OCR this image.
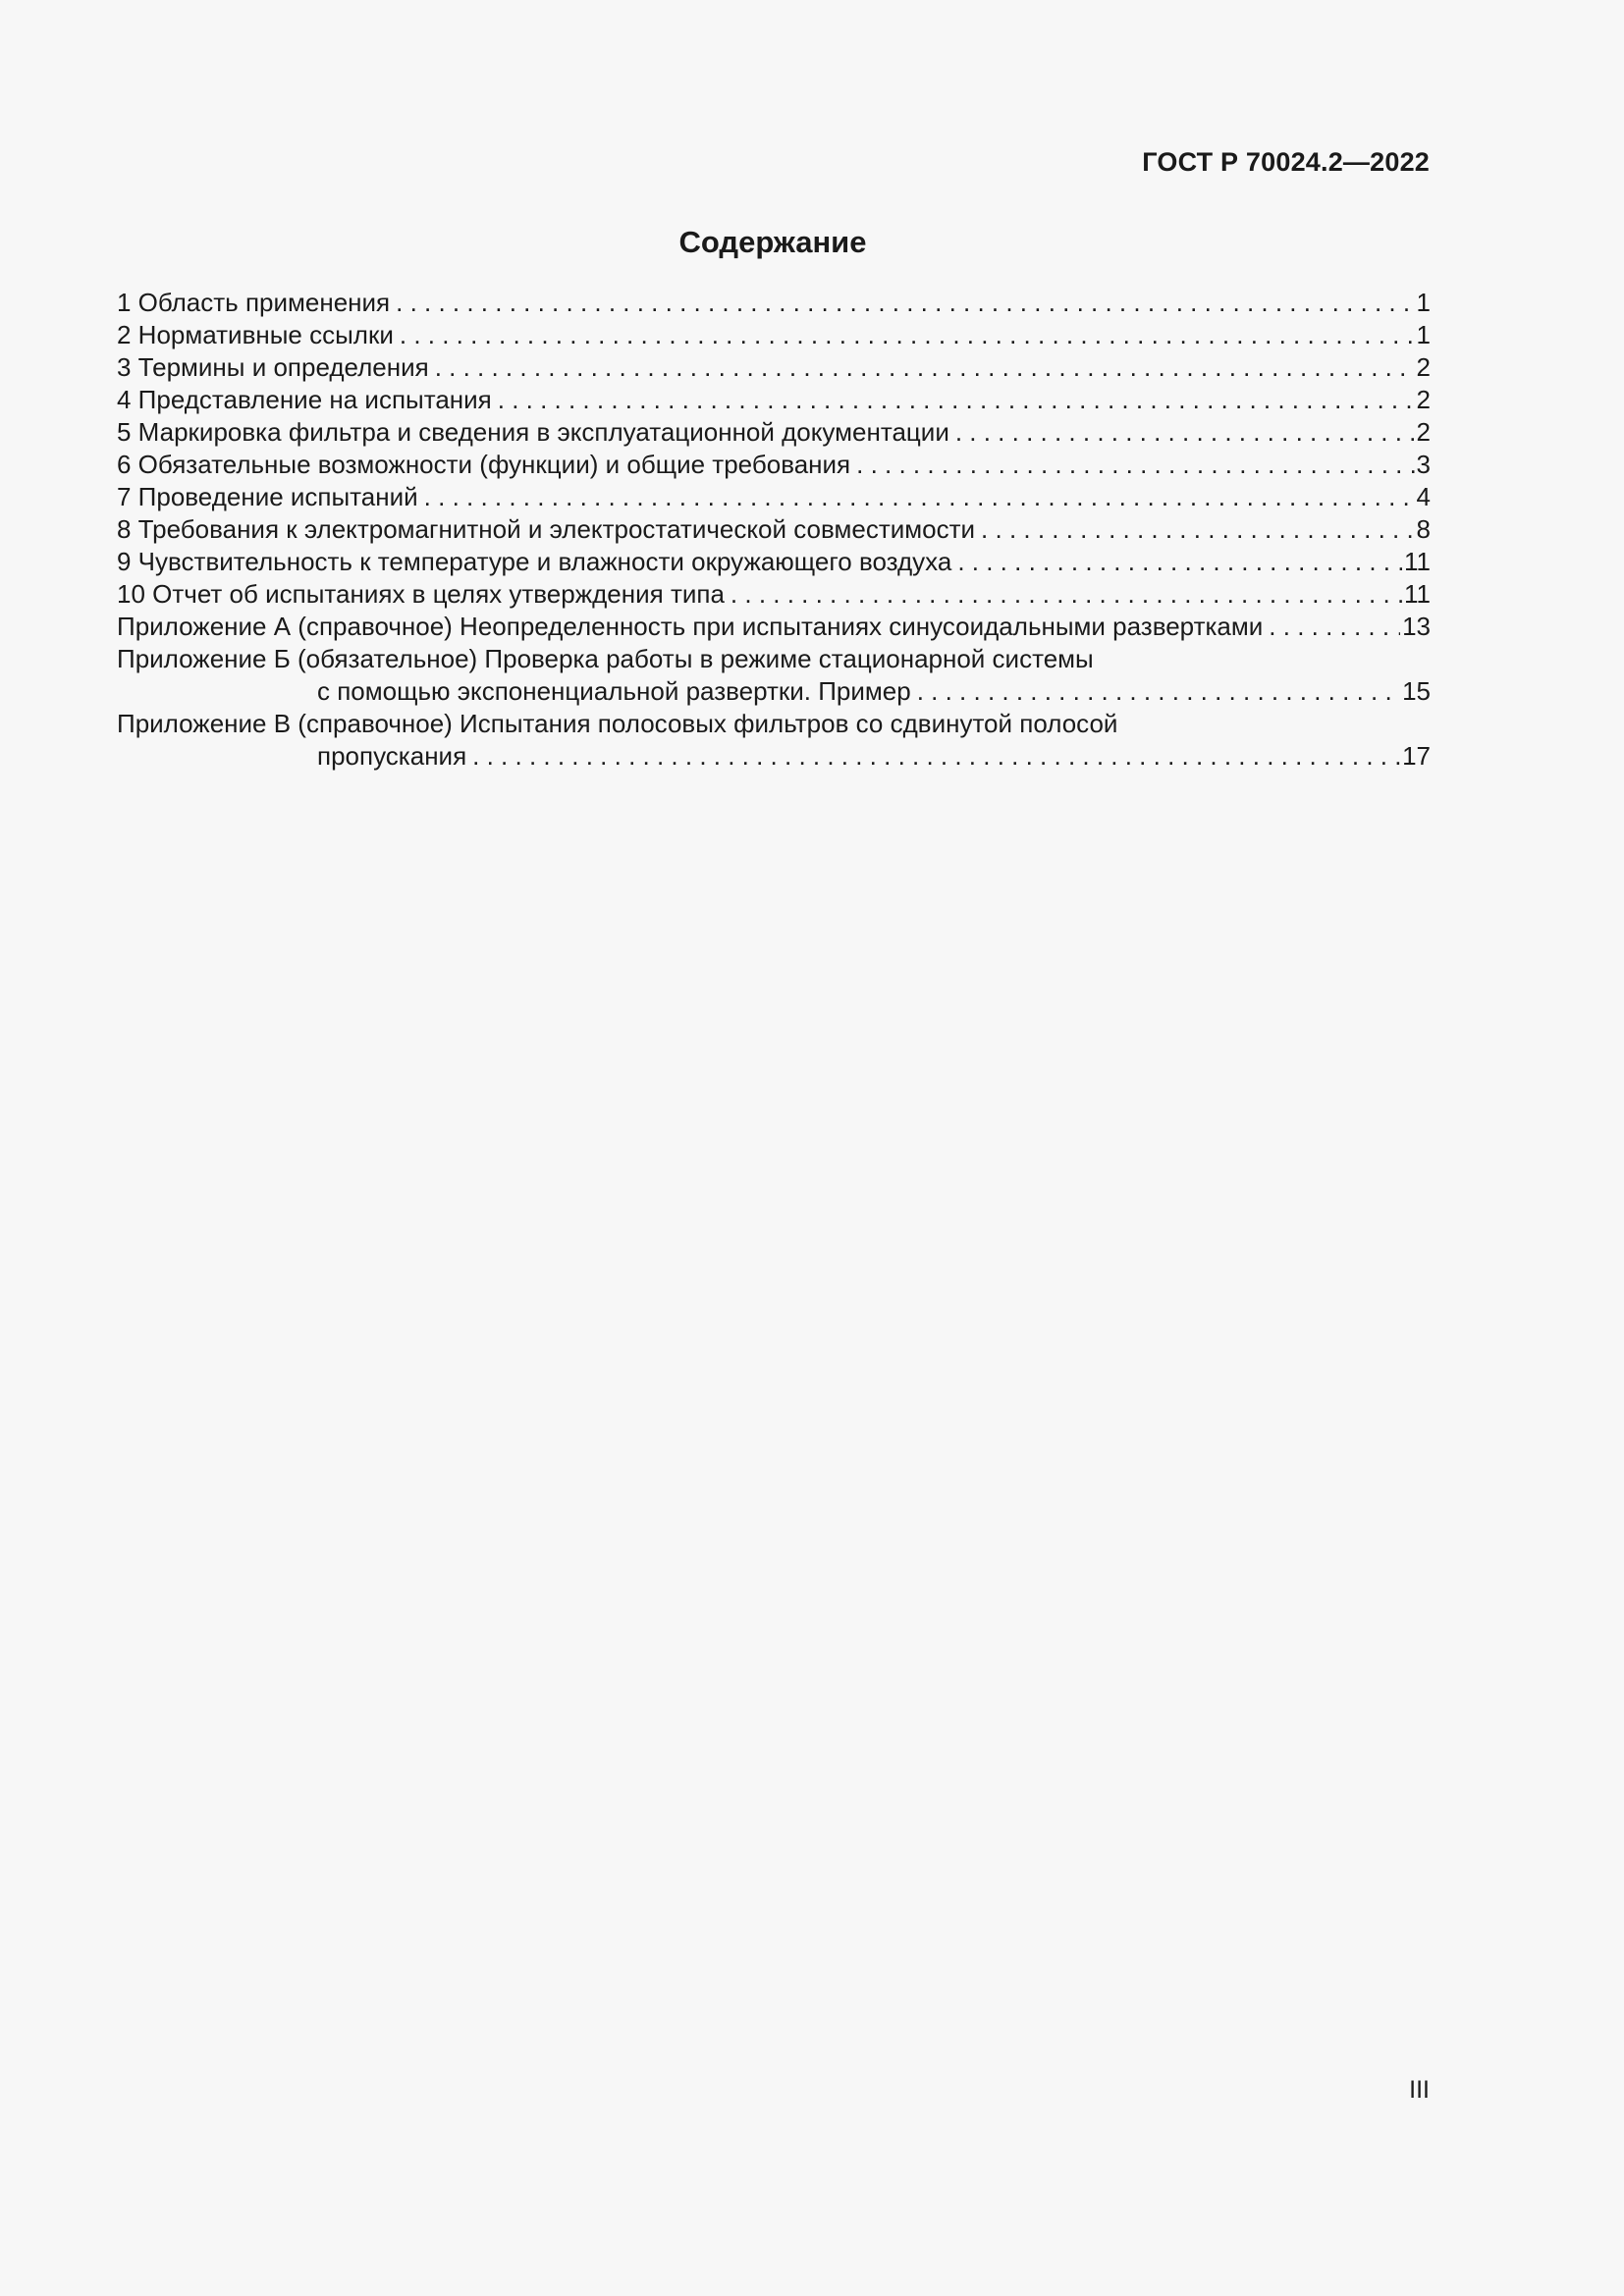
ГОСТ Р 70024.2—2022
Содержание
1 Область применения . . .	1
2 Нормативные ссылки . . .	1
3 Термины и определения . . .	2
4 Представление на испытания . . .	2
5 Маркировка фильтра и сведения в эксплуатационной документации . . .	2
6 Обязательные возможности (функции) и общие требования . . .	3
7 Проведение испытаний . . .	4
8 Требования к электромагнитной и электростатической совместимости . . .	8
9 Чувствительность к температуре и влажности окружающего воздуха . . .	11
10 Отчет об испытаниях в целях утверждения типа . . .	11
Приложение А (справочное) Неопределенность при испытаниях синусоидальными развертками . . .	13
Приложение Б (обязательное) Проверка работы в режиме стационарной системы
с помощью экспоненциальной развертки. Пример . . .	15
Приложение В (справочное) Испытания полосовых фильтров со сдвинутой полосой
пропускания . . .	17
III
